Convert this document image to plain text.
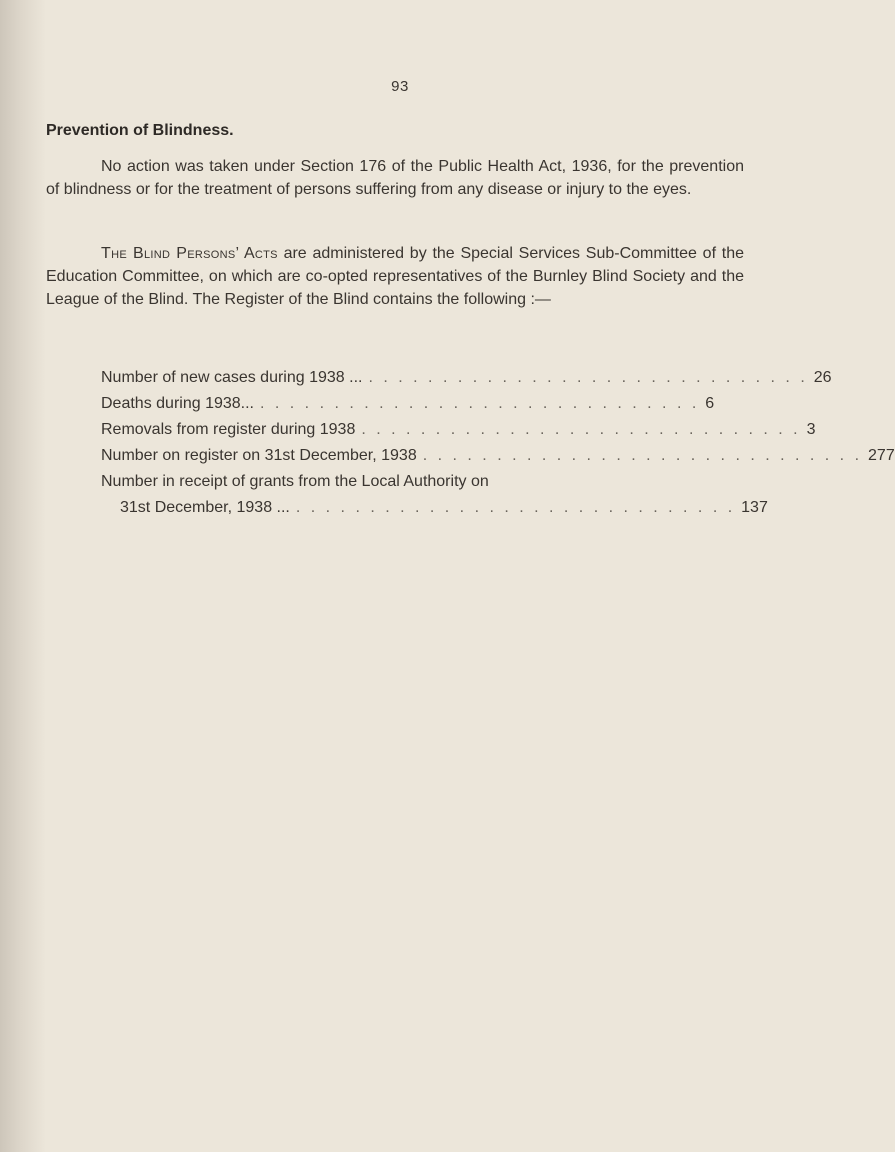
93
Prevention of Blindness.

No action was taken under Section 176 of the Public Health Act, 1936, for the prevention of blindness or for the treatment of persons suffering from any disease or injury to the eyes.

The Blind Persons’ Acts are administered by the Special Services Sub-Committee of the Education Committee, on which are co-opted representatives of the Burnley Blind Society and the League of the Blind. The Register of the Blind contains the following :—

Number of new cases during 1938 ... . . . . . . . . . . . . . . . . . . . . . . . . . . . . . . 26
Deaths during 1938... . . . . . . . . . . . . . . . . . . . . . . . . . . . . . . 6
Removals from register during 1938 . . . . . . . . . . . . . . . . . . . . . . . . . . . . . . 3
Number on register on 31st December, 1938 . . . . . . . . . . . . . . . . . . . . . . . . . . . . . . 277
Number in receipt of grants from the Local Authority on
31st December, 1938 ... . . . . . . . . . . . . . . . . . . . . . . . . . . . . . . 137
